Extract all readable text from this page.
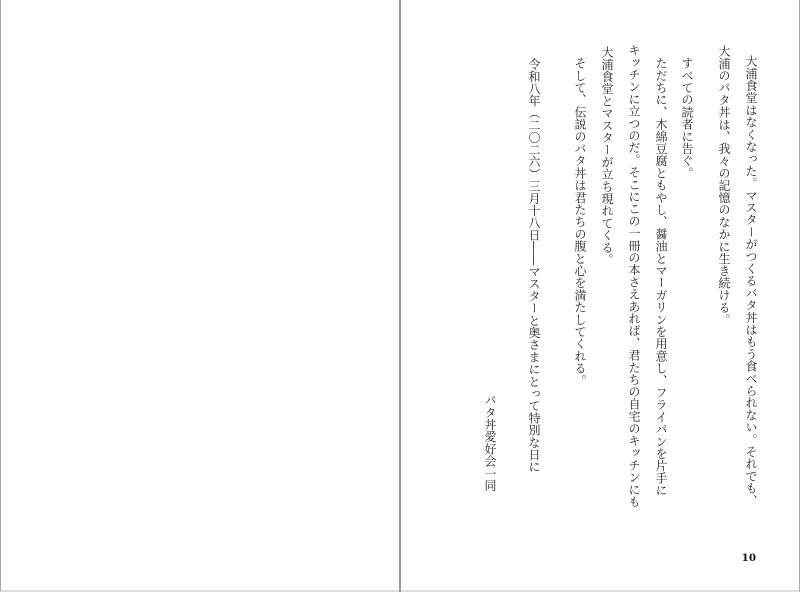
大浦食堂はなくなった。マスターがつくるバタ丼はもう食べられない。それでも、
大浦のバタ丼は、我々の記憶のなかに生き続ける。
すべての読者に告ぐ。
ただちに、木綿豆腐ともやし、醤油とマーガリンを用意し、フライパンを片手に
キッチンに立つのだ。そこにこの一冊の本さえあれば、君たちの自宅のキッチンにも
大浦食堂とマスターが立ち現れてくる。
そして、伝説のバタ丼は君たちの腹と心を満たしてくれる。
令和八年（二〇二六）三月十八日――マスターと奥さまにとって特別な日に
バタ丼愛好会一同
10
